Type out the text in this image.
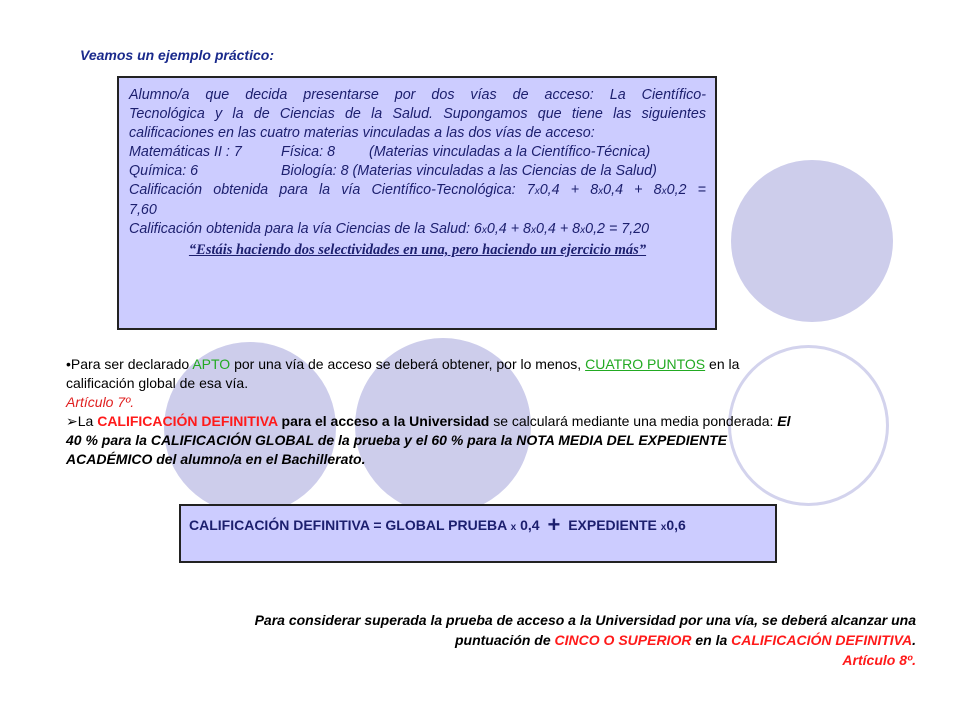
Veamos un ejemplo práctico:

Alumno/a que decida presentarse por dos vías de acceso: La Científico-

Tecnológica y la de Ciencias de la Salud. Supongamos que tiene las siguientes

calificaciones en las cuatro materias vinculadas a las dos vías de acceso:

Matemáticas II : 7	Física: 8 (Materias vinculadas a la Científico-Técnica)

Química: 6	Biología: 8 (Materias vinculadas a las Ciencias de la Salud)

Calificación obtenida para la vía Científico-Tecnológica: 7x0,4 + 8x0,4 + 8x0,2 =

7,60

Calificación obtenida para la vía Ciencias de la Salud: 6x0,4 + 8x0,4 + 8x0,2 = 7,20

“Estáis haciendo dos selectividades en una, pero haciendo un ejercicio más”

•Para ser declarado APTO por una vía de acceso se deberá obtener, por lo menos, CUATRO PUNTOS en la

calificación global de esa vía.

Artículo 7º.

➢La CALIFICACIÓN DEFINITIVA para el acceso a la Universidad se calculará mediante una media ponderada: El

40 % para la CALIFICACIÓN GLOBAL de la prueba y el 60 % para la NOTA MEDIA DEL EXPEDIENTE

ACADÉMICO del alumno/a en el Bachillerato.

CALIFICACIÓN DEFINITIVA = GLOBAL PRUEBA x 0,4 + EXPEDIENTE x0,6
Para considerar superada la prueba de acceso a la Universidad por una vía, se deberá alcanzar una
puntuación de CINCO O SUPERIOR en la CALIFICACIÓN DEFINITIVA.
Artículo 8º.
